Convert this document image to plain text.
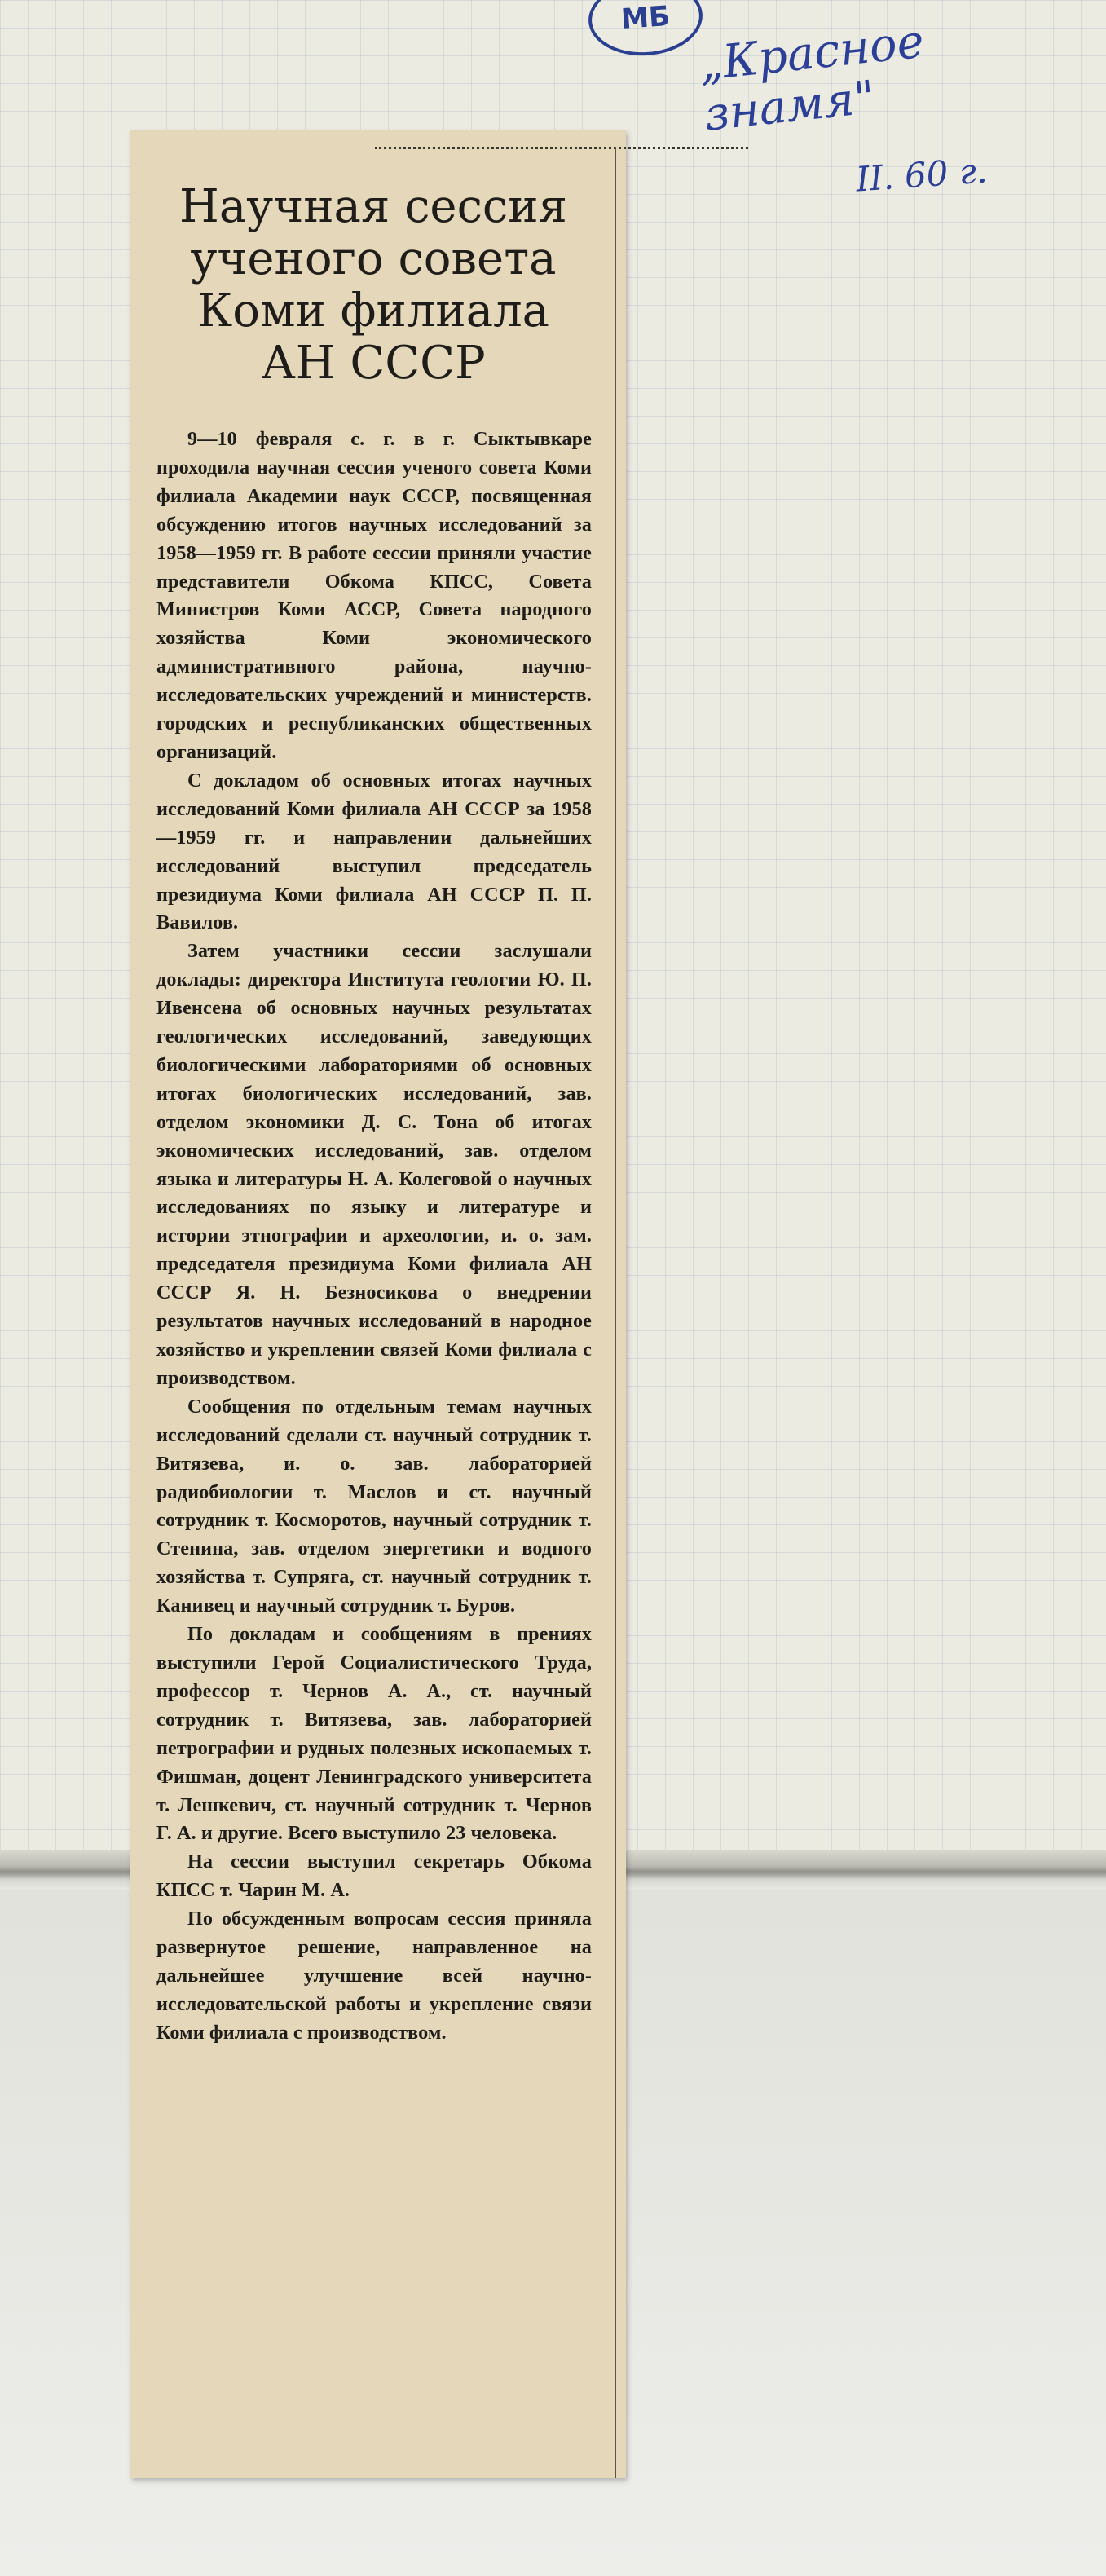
МБ „Красное знамя"
II. 60 г.
Научная сессия ученого совета Коми филиала АН СССР

9—10 февраля с. г. в г. Сыктывкаре проходила научная сессия ученого совета Коми филиала Академии наук СССР, посвященная обсуждению итогов научных исследований за 1958—1959 гг. В работе сессии приняли участие представители Обкома КПСС, Совета Министров Коми АССР, Совета народного хозяйства Коми экономического административного района, научно-исследовательских учреждений и министерств. городских и республиканских общественных организаций.

С докладом об основных итогах научных исследований Коми филиала АН СССР за 1958—1959 гг. и направлении дальнейших исследований выступил председатель президиума Коми филиала АН СССР П. П. Вавилов.

Затем участники сессии заслушали доклады: директора Института геологии Ю. П. Ивенсена об основных научных результатах геологических исследований, заведующих биологическими лабораториями об основных итогах биологических исследований, зав. отделом экономики Д. С. Тона об итогах экономических исследований, зав. отделом языка и литературы Н. А. Колеговой о научных исследованиях по языку и литературе и истории этнографии и археологии, и. о. зам. председателя президиума Коми филиала АН СССР Я. Н. Безносикова о внедрении результатов научных исследований в народное хозяйство и укреплении связей Коми филиала с производством.

Сообщения по отдельным темам научных исследований сделали ст. научный сотрудник т. Витязева, и. о. зав. лабораторией радиобиологии т. Маслов и ст. научный сотрудник т. Косморотов, научный сотрудник т. Стенина, зав. отделом энергетики и водного хозяйства т. Супряга, ст. научный сотрудник т. Канивец и научный сотрудник т. Буров.

По докладам и сообщениям в прениях выступили Герой Социалистического Труда, профессор т. Чернов А. А., ст. научный сотрудник т. Витязева, зав. лабораторией петрографии и рудных полезных ископаемых т. Фишман, доцент Ленинградского университета т. Лешкевич, ст. научный сотрудник т. Чернов Г. А. и другие. Всего выступило 23 человека.

На сессии выступил секретарь Обкома КПСС т. Чарин М. А.

По обсужденным вопросам сессия приняла развернутое решение, направленное на дальнейшее улучшение всей научно-исследовательской работы и укрепление связи Коми филиала с производством.
